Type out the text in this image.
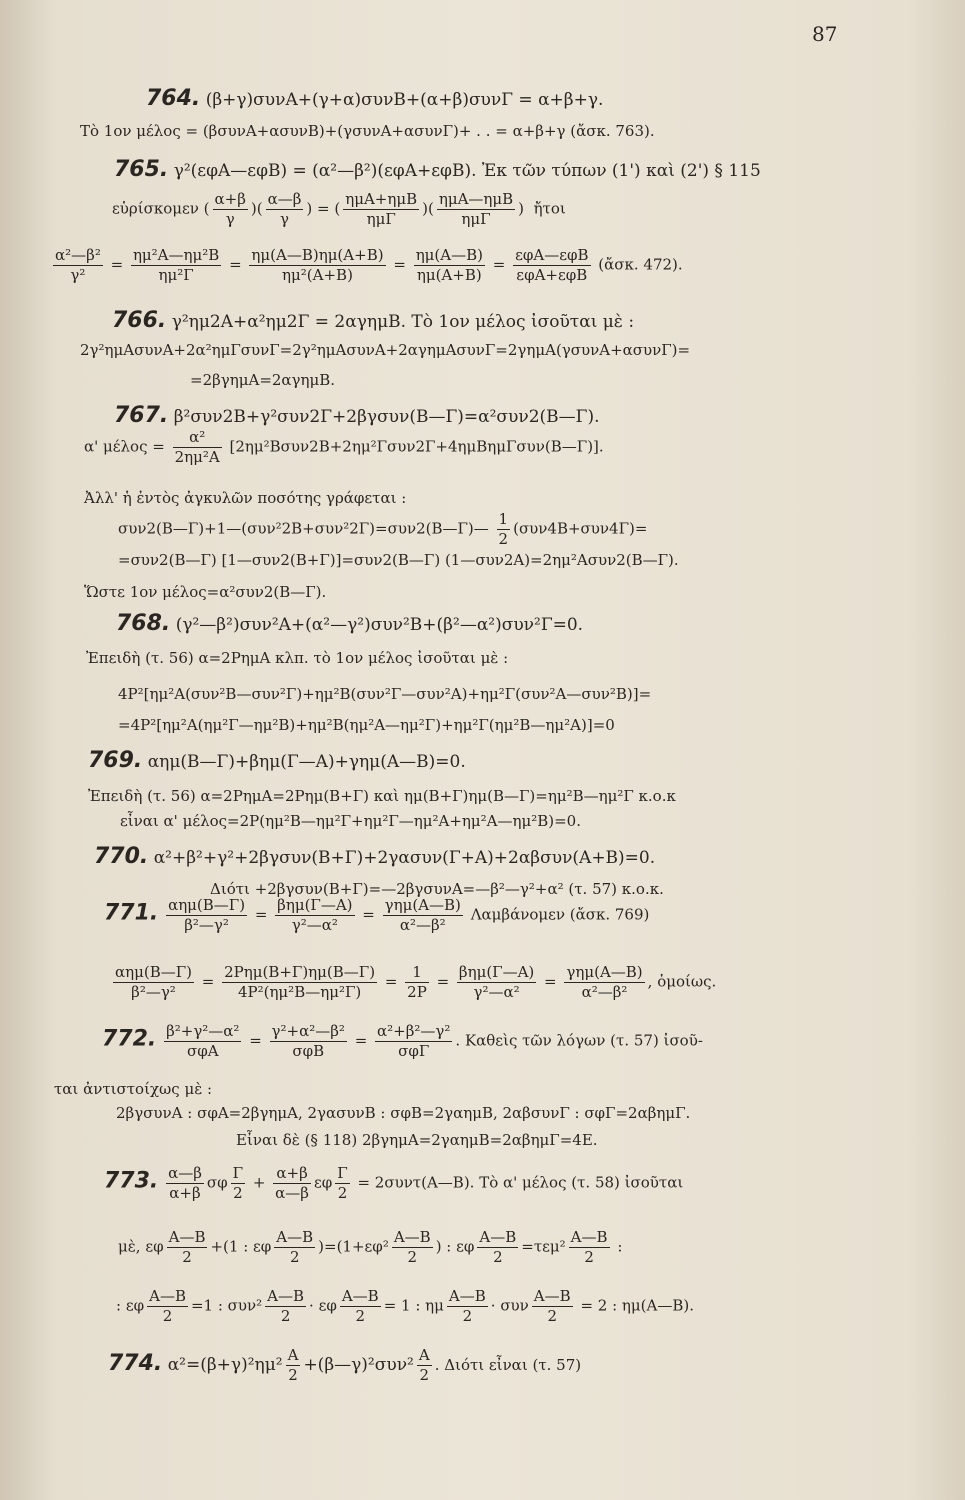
87
764. (β+γ)συνΑ+(γ+α)συνΒ+(α+β)συνΓ = α+β+γ.
Τὸ 1ον μέλος = (βσυνΑ+ασυνΒ)+(γσυνΑ+ασυνΓ)+ . . = α+β+γ (ἄσκ. 763).
765. γ²(εφΑ—εφΒ) = (α²—β²)(εφΑ+εφΒ). Ἐκ τῶν τύπων (1') καὶ (2') § 115
εὑρίσκομεν ( $\frac{\alpha+\beta}{\gamma}$ )( $\frac{\alpha—\beta}{\gamma}$ ) = ( $\frac{\text{ημΑ+ημΒ}}{\text{ημΓ}}$ )( $\frac{\text{ημΑ—ημΒ}}{\text{ημΓ}}$ )  ἤτοι
$\frac{\text{α²—β²}}{\text{γ²}} = \frac{\text{ημ²Α—ημ²Β}}{\text{ημ²Γ}} = \frac{\eta\mu(A—B)\eta\mu(A+B)}{\text{ημ²(Α+Β)}} = \frac{\eta\mu(A—B)}{\eta\mu(A+B)} = \frac{\text{εφΑ—εφΒ}}{\text{εφΑ+εφΒ}}$ (ἄσκ. 472).
766. γ²ημ2Α+α²ημ2Γ = 2αγημΒ. Τὸ 1ον μέλος ἰσοῦται μὲ :
2γ²ημΑσυνΑ+2α²ημΓσυνΓ=2γ²ημΑσυνΑ+2αγημΑσυνΓ=2γημΑ(γσυνΑ+ασυνΓ)=
=2βγημΑ=2αγημΒ.
767. β²συν2Β+γ²συν2Γ+2βγσυν(Β—Γ)=α²συν2(Β—Γ).
α' $\mu έ\lambda o\varsigma = \frac{\text{α²}}{\text{2ημ²Α}}$ [2ημ²Βσυν2Β+2ημ²Γσυν2Γ+4ημΒημΓσυν(Β—Γ)].
Ἀλλ' ἡ ἐντὸς ἀγκυλῶν ποσότης γράφεται :
συν2(Β—Γ)+1—(συν²2Β+συν²2Γ)=συν2(Β—Γ)— $\frac{1}{2} (\sigma\upsilon\nu 4B+\sigma\upsilon\nu 4\Gamma)=$
=συν2(Β—Γ) [1—συν2(Β+Γ)]=συν2(Β—Γ) (1—συν2Α)=2ημ²Ασυν2(Β—Γ).
Ὥστε 1ον μέλος=α²συν2(Β—Γ).
768. (γ²—β²)συν²Α+(α²—γ²)συν²Β+(β²—α²)συν²Γ=0.
Ἐπειδὴ (τ. 56) α=2ΡημΑ κλπ. τὸ 1ον μέλος ἰσοῦται μὲ :
4Ρ²[ημ²Α(συν²Β—συν²Γ)+ημ²Β(συν²Γ—συν²Α)+ημ²Γ(συν²Α—συν²Β)]=
=4Ρ²[ημ²Α(ημ²Γ—ημ²Β)+ημ²Β(ημ²Α—ημ²Γ)+ημ²Γ(ημ²Β—ημ²Α)]=0
769. αημ(Β—Γ)+βημ(Γ—Α)+γημ(Α—Β)=0.
Ἐπειδὴ (τ. 56) α=2ΡημΑ=2Ρημ(Β+Γ) καὶ ημ(Β+Γ)ημ(Β—Γ)=ημ²Β—ημ²Γ κ.ο.κ
εἶναι α' μέλος=2Ρ(ημ²Β—ημ²Γ+ημ²Γ—ημ²Α+ημ²Α—ημ²Β)=0.
770. α²+β²+γ²+2βγσυν(Β+Γ)+2γασυν(Γ+Α)+2αβσυν(Α+Β)=0.
Διότι +2βγσυν(Β+Γ)=—2βγσυνΑ=—β²—γ²+α² (τ. 57) κ.ο.κ.
771. $\frac{\text{αημ(Β—Γ)}}{\text{β²—γ²}} = \frac{\text{βημ(Γ—Α)}}{\text{γ²—α²}} = \frac{\text{γημ(Α—Β)}}{\text{α²—β²}}$ Λαμβάνομεν (ἄσκ. 769)
$\frac{\text{αημ(Β—Γ)}}{\text{β²—γ²}} = \frac{\text{2Ρημ(Β+Γ)ημ(Β—Γ)}}{\text{4Ρ²(ημ²Β—ημ²Γ)}} = \frac{1}{2P} = \frac{\text{βημ(Γ—Α)}}{\text{γ²—α²}} = \frac{\text{γημ(Α—Β)}}{\text{α²—β²}}$ , ὁμοίως.
772. $\frac{\text{β²+γ²—α²}}{\text{σφΑ}} = \frac{\text{γ²+α²—β²}}{\text{σφΒ}} = \frac{\text{α²+β²—γ²}}{\text{σφΓ}}$ . Καθεὶς τῶν λόγων (τ. 57) ἰσοῦ-
ται ἀντιστοίχως μὲ :
2βγσυνΑ : σφΑ=2βγημΑ, 2γασυνΒ : σφΒ=2γαημΒ, 2αβσυνΓ : σφΓ=2αβημΓ.
Εἶναι δὲ (§ 118) 2βγημΑ=2γαημΒ=2αβημΓ=4Ε.
773. $\frac{\alpha—\beta}{\alpha+\beta}$ σφ $\frac{\Gamma}{2} + \frac{\alpha+\beta}{\alpha—\beta}$ εφ $\frac{\Gamma}{2}$ = 2συντ(Α—Β). Τὸ α' μέλος (τ. 58) ἰσοῦται
μὲ, εφ $\frac{A—B}{2} +(1$ : εφ $\frac{A—B}{2} )=(1+\varepsilon\varphi^2 \frac{A—B}{2}$ ) : εφ $\frac{A—B}{2} =\tau\varepsilon\mu^2 \frac{A—B}{2}$ :
: εφ $\frac{A—B}{2} =1$ : $\sigma\upsilon\nu^2 \frac{A—B}{2} \cdot \varepsilon\varphi \frac{A—B}{2} = 1$ : ημ $\frac{A—B}{2} \cdot \sigma\upsilon\nu \frac{A—B}{2} = 2$ : ημ(Α—Β).
774. $\alpha^2=(\beta+\gamma)^2\eta\mu^2 \frac{A}{2}$ +(β—γ)²συν² $\frac{A}{2}$ . Διότι εἶναι (τ. 57)
